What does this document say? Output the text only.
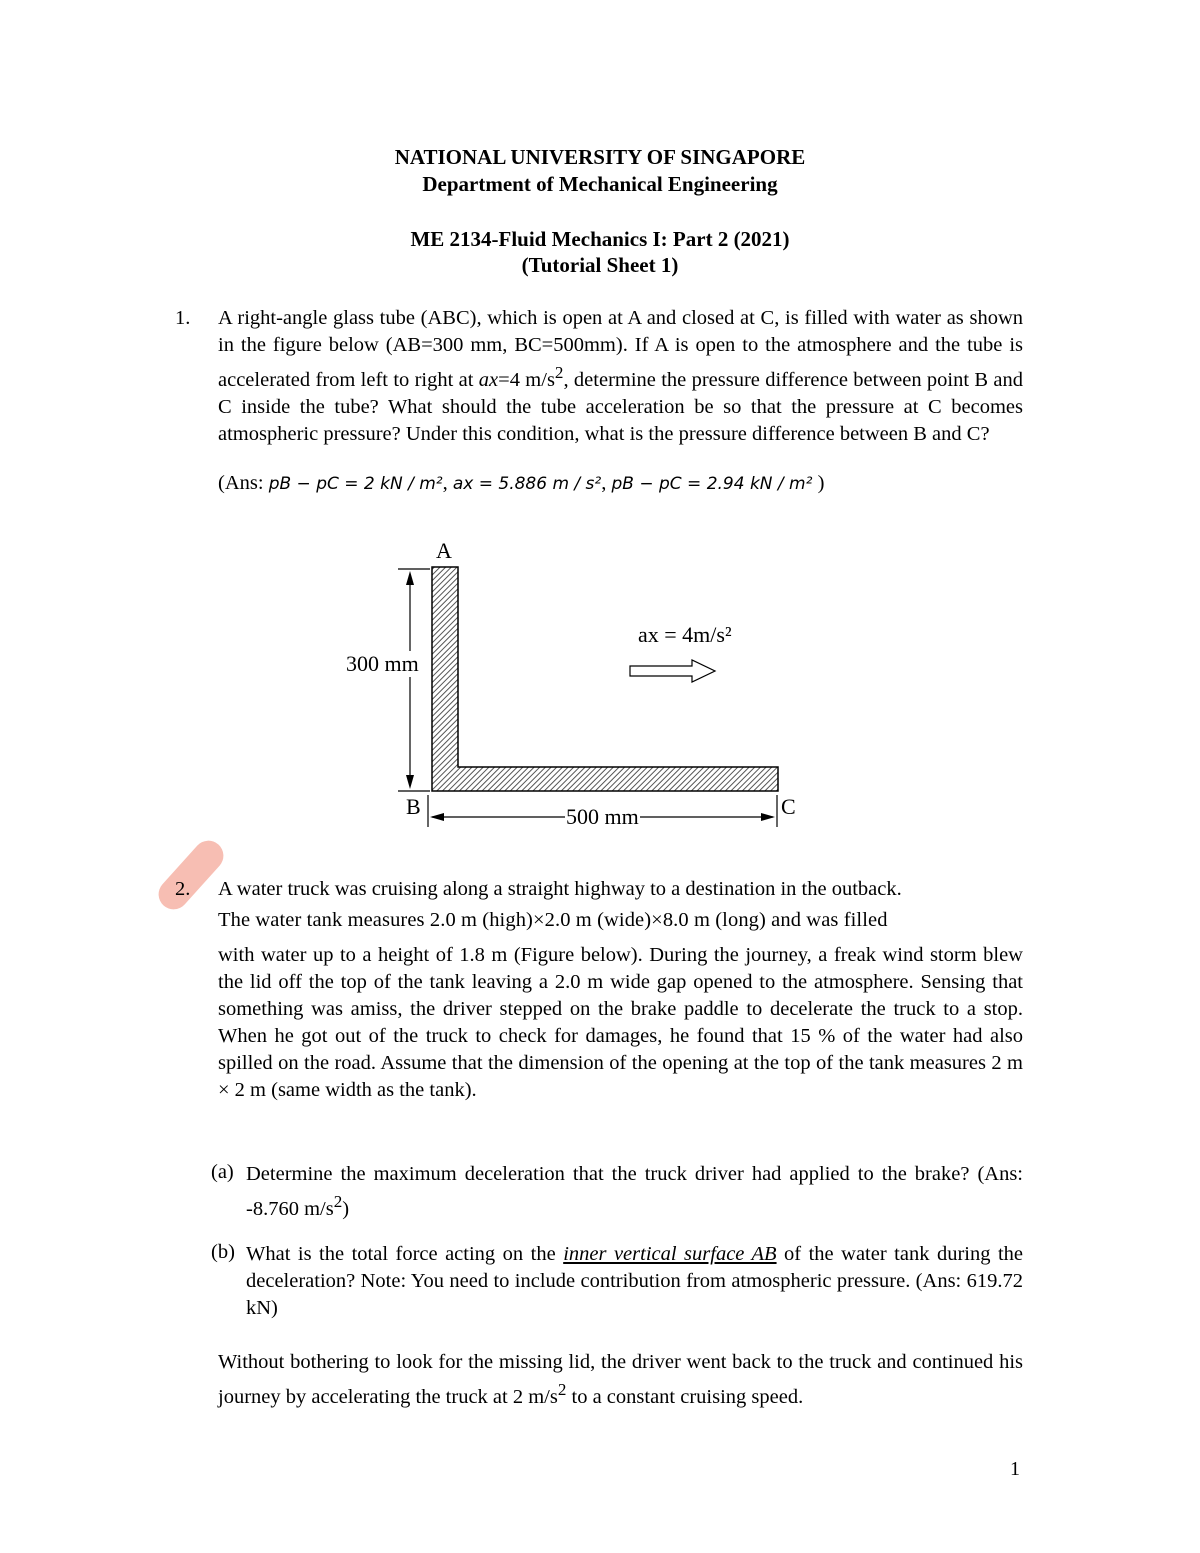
NATIONAL UNIVERSITY OF SINGAPORE
Department of Mechanical Engineering
ME 2134-Fluid Mechanics I: Part 2 (2021)
(Tutorial Sheet 1)
1. A right-angle glass tube (ABC), which is open at A and closed at C, is filled with water as shown in the figure below (AB=300 mm, BC=500mm). If A is open to the atmosphere and the tube is accelerated from left to right at ax=4 $m/s^2$, determine the pressure difference between point B and C inside the tube? What should the tube acceleration be so that the pressure at C becomes atmospheric pressure? Under this condition, what is the pressure difference between B and C?
(Ans: pB − pC = 2 kN / m², ax = 5.886 m / s², pB − pC = 2.94 kN / m² )
A
B	C
300 mm
500 mm
ax = 4m/s²
2. A water truck was cruising along a straight highway to a destination in the outback.
The water tank measures 2.0 m (high)×2.0 m (wide)×8.0 m (long) and was filled
with water up to a height of 1.8 m (Figure below). During the journey, a freak wind storm blew the lid off the top of the tank leaving a 2.0 m wide gap opened to the atmosphere. Sensing that something was amiss, the driver stepped on the brake paddle to decelerate the truck to a stop. When he got out of the truck to check for damages, he found that 15 % of the water had also spilled on the road. Assume that the dimension of the opening at the top of the tank measures 2 m × 2 m (same width as the tank).
(a) Determine the maximum deceleration that the truck driver had applied to the brake? (Ans: -8.760 $m/s^2$)
(b) What is the total force acting on the inner vertical surface AB of the water tank during the deceleration? Note: You need to include contribution from atmospheric pressure. (Ans: 619.72 kN)
Without bothering to look for the missing lid, the driver went back to the truck and continued his journey by accelerating the truck at 2 $m/s^2$ to a constant cruising speed.
1
